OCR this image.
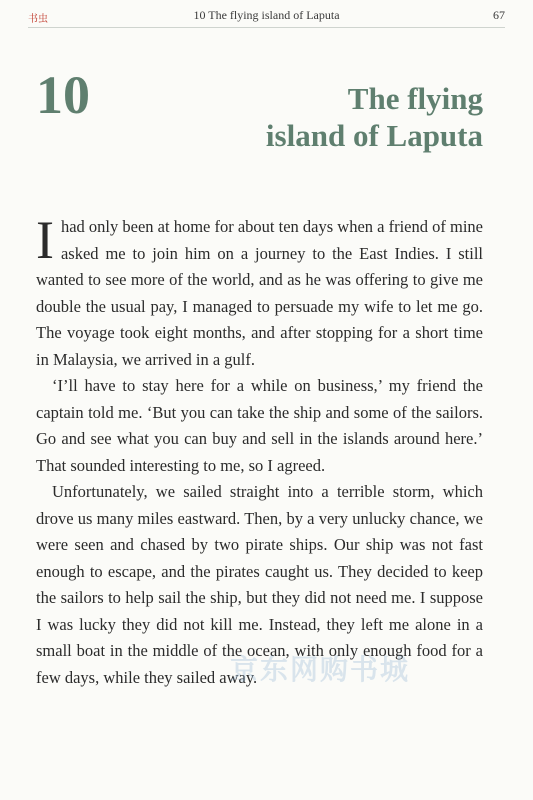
书虫	10 The flying island of Laputa	67
10	The flying
island of Laputa

Ihad only been at home for about ten days when a friend of mine asked me to join him on a journey to the East Indies. I still wanted to see more of the world, and as he was offering to give me double the usual pay, I managed to persuade my wife to let me go. The voyage took eight months, and after stopping for a short time in Malaysia, we arrived in a gulf.

‘I’ll have to stay here for a while on business,’ my friend the captain told me. ‘But you can take the ship and some of the sailors. Go and see what you can buy and sell in the islands around here.’ That sounded interesting to me, so I agreed.

Unfortunately, we sailed straight into a terrible storm, which drove us many miles eastward. Then, by a very unlucky chance, we were seen and chased by two pirate ships. Our ship was not fast enough to escape, and the pirates caught us. They decided to keep the sailors to help sail the ship, but they did not need me. I suppose I was lucky they did not kill me. Instead, they left me alone in a small boat in the middle of the ocean, with only enough food for a few days, while they sailed away.

京东网购书城
